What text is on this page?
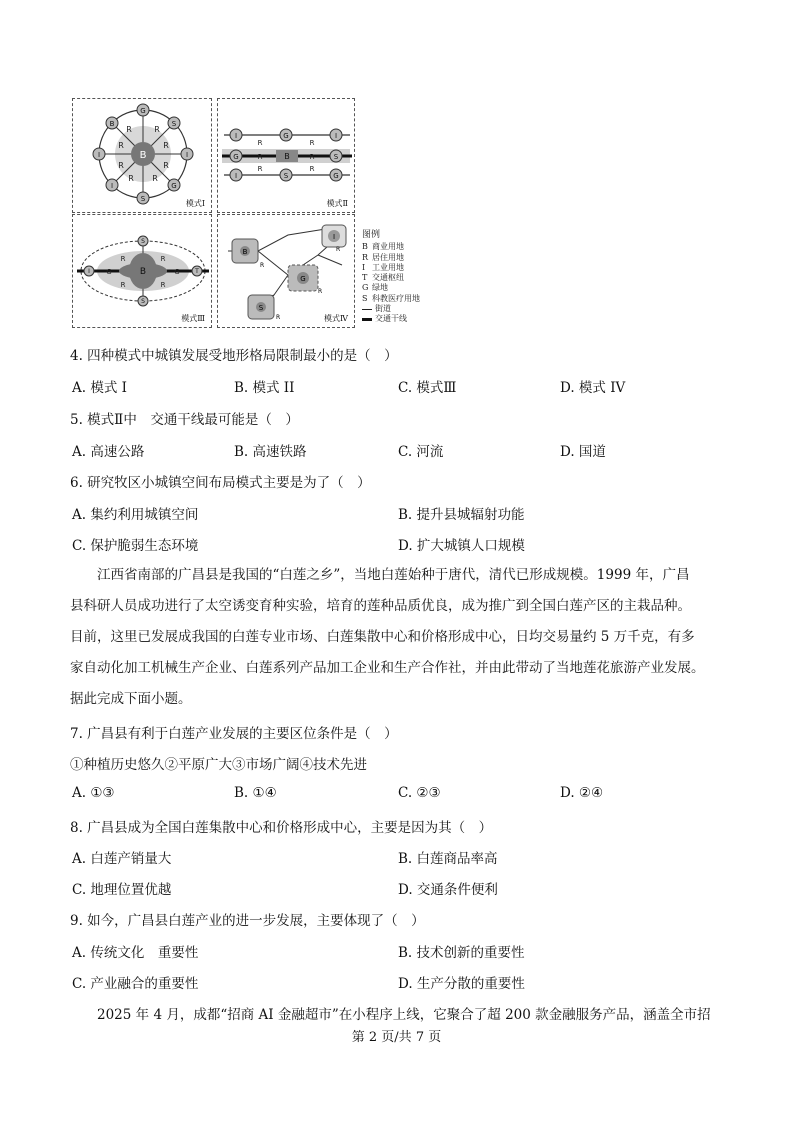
B
R	R
R	R
R	R
R R
G
S
I	I
B	S
I	G
模式Ⅰ
B
I	G	I
I	S	G
G	S
R	R
R	R
R	R
模式Ⅱ
B
R	R
R	R
G	G
S
S
I	T
模式Ⅲ
B
R
G
R
S
R
I
R
模式Ⅳ
图例
B 商业用地
R 居住用地
I 工业用地
T 交通枢纽
G 绿地
S 科教医疗用地
街道
交通干线
4. 四种模式中城镇发展受地形格局限制最小的是（　）
A. 模式 I	B. 模式 II	C. 模式Ⅲ	D. 模式 IV
5. 模式Ⅱ中　交通干线最可能是（　）
A. 高速公路	B. 高速铁路	C. 河流	D. 国道
6. 研究牧区小城镇空间布局模式主要是为了（　）
A. 集约利用城镇空间	B. 提升县城辐射功能
C. 保护脆弱生态环境	D. 扩大城镇人口规模
江西省南部的广昌县是我国的“白莲之乡”，当地白莲始种于唐代，清代已形成规模。1999 年，广昌
县科研人员成功进行了太空诱变育种实验，培育的莲种品质优良，成为推广到全国白莲产区的主栽品种。
目前，这里已发展成我国的白莲专业市场、白莲集散中心和价格形成中心，日均交易量约 5 万千克，有多
家自动化加工机械生产企业、白莲系列产品加工企业和生产合作社，并由此带动了当地莲花旅游产业发展。
据此完成下面小题。
7. 广昌县有利于白莲产业发展的主要区位条件是（　）
①种植历史悠久②平原广大③市场广阔④技术先进
A. ①③	B. ①④	C. ②③	D. ②④
8. 广昌县成为全国白莲集散中心和价格形成中心，主要是因为其（　）
A. 白莲产销量大	B. 白莲商品率高
C. 地理位置优越	D. 交通条件便利
9. 如今，广昌县白莲产业的进一步发展，主要体现了（　）
A. 传统文化　重要性	B. 技术创新的重要性
C. 产业融合的重要性	D. 生产分散的重要性
2025 年 4 月，成都“招商 AI 金融超市”在小程序上线，它聚合了超 200 款金融服务产品，涵盖全市招
第 2 页/共 7 页
